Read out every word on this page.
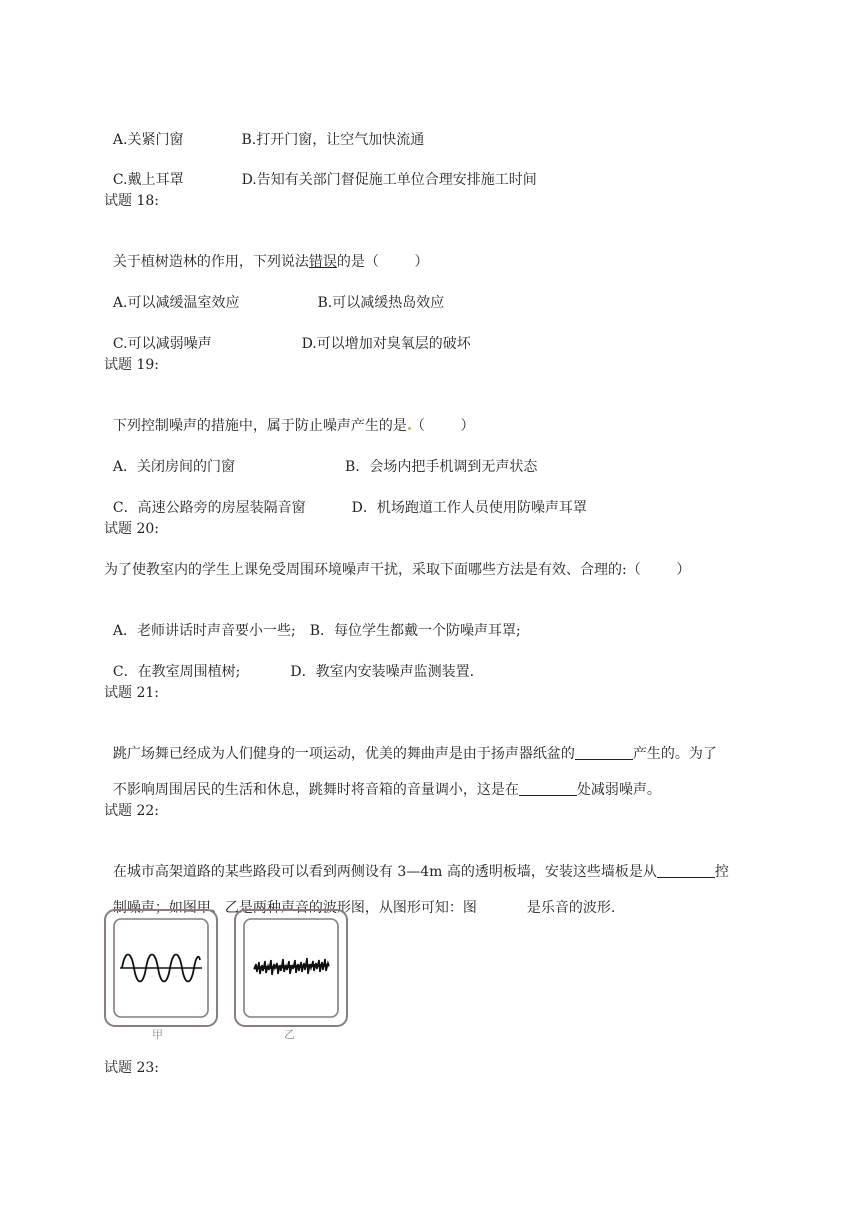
A.关紧门窗	B.打开门窗，让空气加快流通

C.戴上耳罩	D.告知有关部门督促施工单位合理安排施工时间

试题 18:

关于植树造林的作用，下列说法错误的是（        ）

A.可以减缓温室效应	B.可以减缓热岛效应

C.可以减弱噪声	D.可以增加对臭氧层的破坏

试题 19:

下列控制噪声的措施中，属于防止噪声产生的是 （        ）

A．关闭房间的门窗	B．会场内把手机调到无声状态

C．高速公路旁的房屋装隔音窗	D．机场跑道工作人员使用防噪声耳罩

试题 20:
为了使教室内的学生上课免受周围环境噪声干扰，采取下面哪些方法是有效、合理的:（        ）

A．老师讲话时声音要小一些; B．每位学生都戴一个防噪声耳罩;

C．在教室周围植树;	D．教室内安装噪声监测装置.

试题 21:

跳广场舞已经成为人们健身的一项运动，优美的舞曲声是由于扬声器纸盆的	产生的。为了

不影响周围居民的生活和休息，跳舞时将音箱的音量调小，这是在	处减弱噪声。

试题 22:

在城市高架道路的某些路段可以看到两侧设有 3—4m 高的透明板墙，安装这些墙板是从	控

制噪声；如图甲、乙是两种声音的波形图，从图形可知：图	是乐音的波形.

甲	乙
试题 23:
